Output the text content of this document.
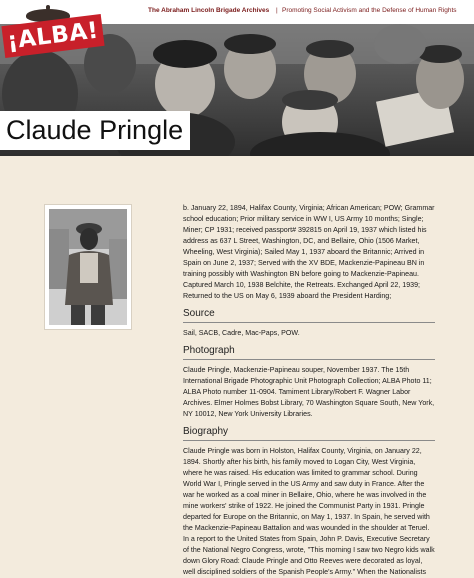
The Abraham Lincoln Brigade Archives | Promoting Social Activism and the Defense of Human Rights
¡ALBA!
Claude Pringle
b. January 22, 1894, Halifax County, Virginia; African American; POW; Grammar school education; Prior military service in WW I, US Army 10 months; Single; Miner; CP 1931; received passport# 392815 on April 19, 1937 which listed his address as 637 L Street, Washington, DC, and Bellaire, Ohio (1506 Market, Wheeling, West Virginia); Sailed May 1, 1937 aboard the Britannic; Arrived in Spain on June 2, 1937; Served with the XV BDE, Mackenzie-Papineau BN in training possibly with Washington BN before going to Mackenzie-Papineau. Captured March 10, 1938 Belchite, the Retreats. Exchanged April 22, 1939; Returned to the US on May 6, 1939 aboard the President Harding;
Source
Sail, SACB, Cadre, Mac-Paps, POW.
Photograph
Claude Pringle, Mackenzie-Papineau souper, November 1937. The 15th International Brigade Photographic Unit Photograph Collection; ALBA Photo 11; ALBA Photo number 11-0904. Tamiment Library/Robert F. Wagner Labor Archives. Elmer Holmes Bobst Library, 70 Washington Square South, New York, NY 10012, New York University Libraries.
Biography
Claude Pringle was born in Holston, Halifax County, Virginia, on January 22, 1894. Shortly after his birth, his family moved to Logan City, West Virginia, where he was raised. His education was limited to grammar school. During World War I, Pringle served in the US Army and saw duty in France. After the war he worked as a coal miner in Bellaire, Ohio, where he was involved in the mine workers' strike of 1922. He joined the Communist Party in 1931. Pringle departed for Europe on the Britannic, on May 1, 1937. In Spain, he served with the Mackenzie-Papineau Battalion and was wounded in the shoulder at Teruel. In a report to the United States from Spain, John P. Davis, Executive Secretary of the National Negro Congress, wrote, "This morning I saw two Negro kids walk down Glory Road: Claude Pringle and Otto Reeves were decorated as loyal, well disciplined soldiers of the Spanish People's Army." When the Nationalists
